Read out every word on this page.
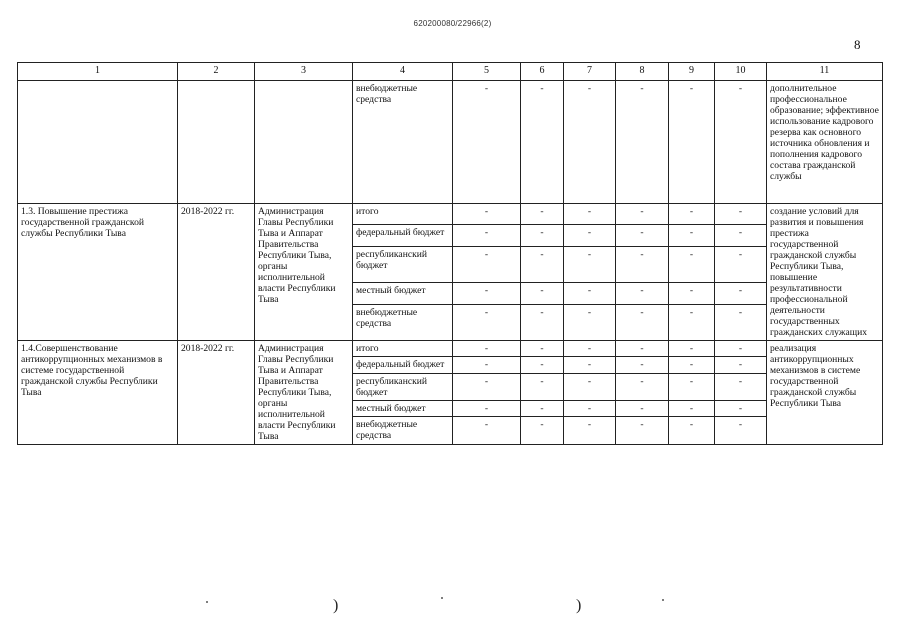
620200080/22966(2)
8
1	2	3	4	5	6	7	8	9	10	11
			внебюджетные средства	-	-	-	-	-	-	дополнительное профессиональное образование; эффективное использование кадрового резерва как основного источника обновления и пополнения кадрового состава гражданской службы
1.3. Повышение престижа государственной гражданской службы Республики Тыва	2018-2022 гг.	Администрация Главы Республики Тыва и Аппарат Правительства Республики Тыва, органы исполнительной власти Республики Тыва	итого	-	-	-	-	-	-	создание условий для развития и повышения престижа государственной гражданской службы Республики Тыва, повышение результативности профессиональной деятельности государственных гражданских служащих
			федеральный бюджет	-	-	-	-	-	-	
			республиканский бюджет	-	-	-	-	-	-	
			местный бюджет	-	-	-	-	-	-	
			внебюджетные средства	-	-	-	-	-	-	
1.4.Совершенствование антикоррупционных механизмов в системе государственной гражданской службы Республики Тыва	2018-2022 гг.	Администрация Главы Республики Тыва и Аппарат Правительства Республики Тыва, органы исполнительной власти Республики Тыва	итого	-	-	-	-	-	-	реализация антикоррупционных механизмов в системе государственной гражданской службы Республики Тыва
			федеральный бюджет	-	-	-	-	-	-	
			республиканский бюджет	-	-	-	-	-	-	
			местный бюджет	-	-	-	-	-	-	
			внебюджетные средства	-	-	-	-	-	-	
)	)
